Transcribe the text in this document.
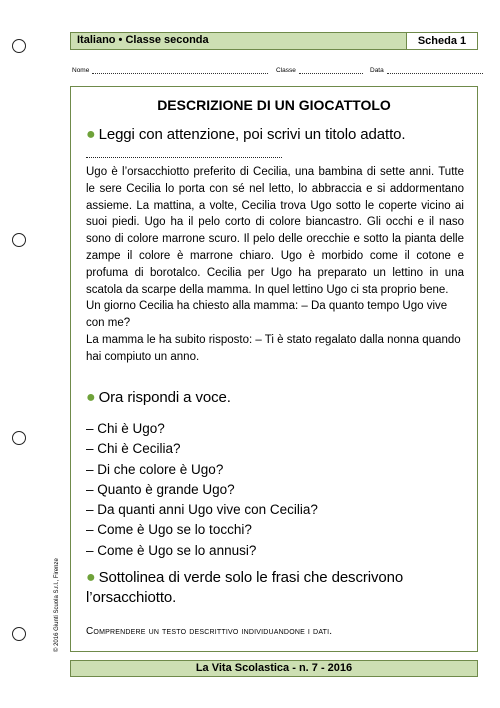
Italiano • Classe seconda	Scheda 1
Nome	Classe	Data
DESCRIZIONE DI UN GIOCATTOLO
● Leggi con attenzione, poi scrivi un titolo adatto.

Ugo è l’orsacchiotto preferito di Cecilia, una bambina di sette anni. Tutte le sere Cecilia lo porta con sé nel letto, lo abbraccia e si addormentano assieme. La mattina, a volte, Cecilia trova Ugo sotto le coperte vicino ai suoi piedi. Ugo ha il pelo corto di colore biancastro. Gli occhi e il naso sono di colore marrone scuro. Il pelo delle orecchie e sotto la pianta delle zampe il colore è marrone chiaro. Ugo è morbido come il cotone e profuma di borotalco. Cecilia per Ugo ha preparato un lettino in una scatola da scarpe della mamma. In quel lettino Ugo ci sta proprio bene.

Un giorno Cecilia ha chiesto alla mamma: – Da quanto tempo Ugo vive con me?

La mamma le ha subito risposto: – Ti è stato regalato dalla nonna quando hai compiuto un anno.

● Ora rispondi a voce.
– Chi è Ugo?
– Chi è Cecilia?
– Di che colore è Ugo?
– Quanto è grande Ugo?
– Da quanti anni Ugo vive con Cecilia?
– Come è Ugo se lo tocchi?
– Come è Ugo se lo annusi?
● Sottolinea di verde solo le frasi che descrivono l’orsacchiotto.
Comprendere un testo descrittivo individuandone i dati.
La Vita Scolastica - n. 7 - 2016
© 2016 Giunti Scuola S.r.l., Firenze
